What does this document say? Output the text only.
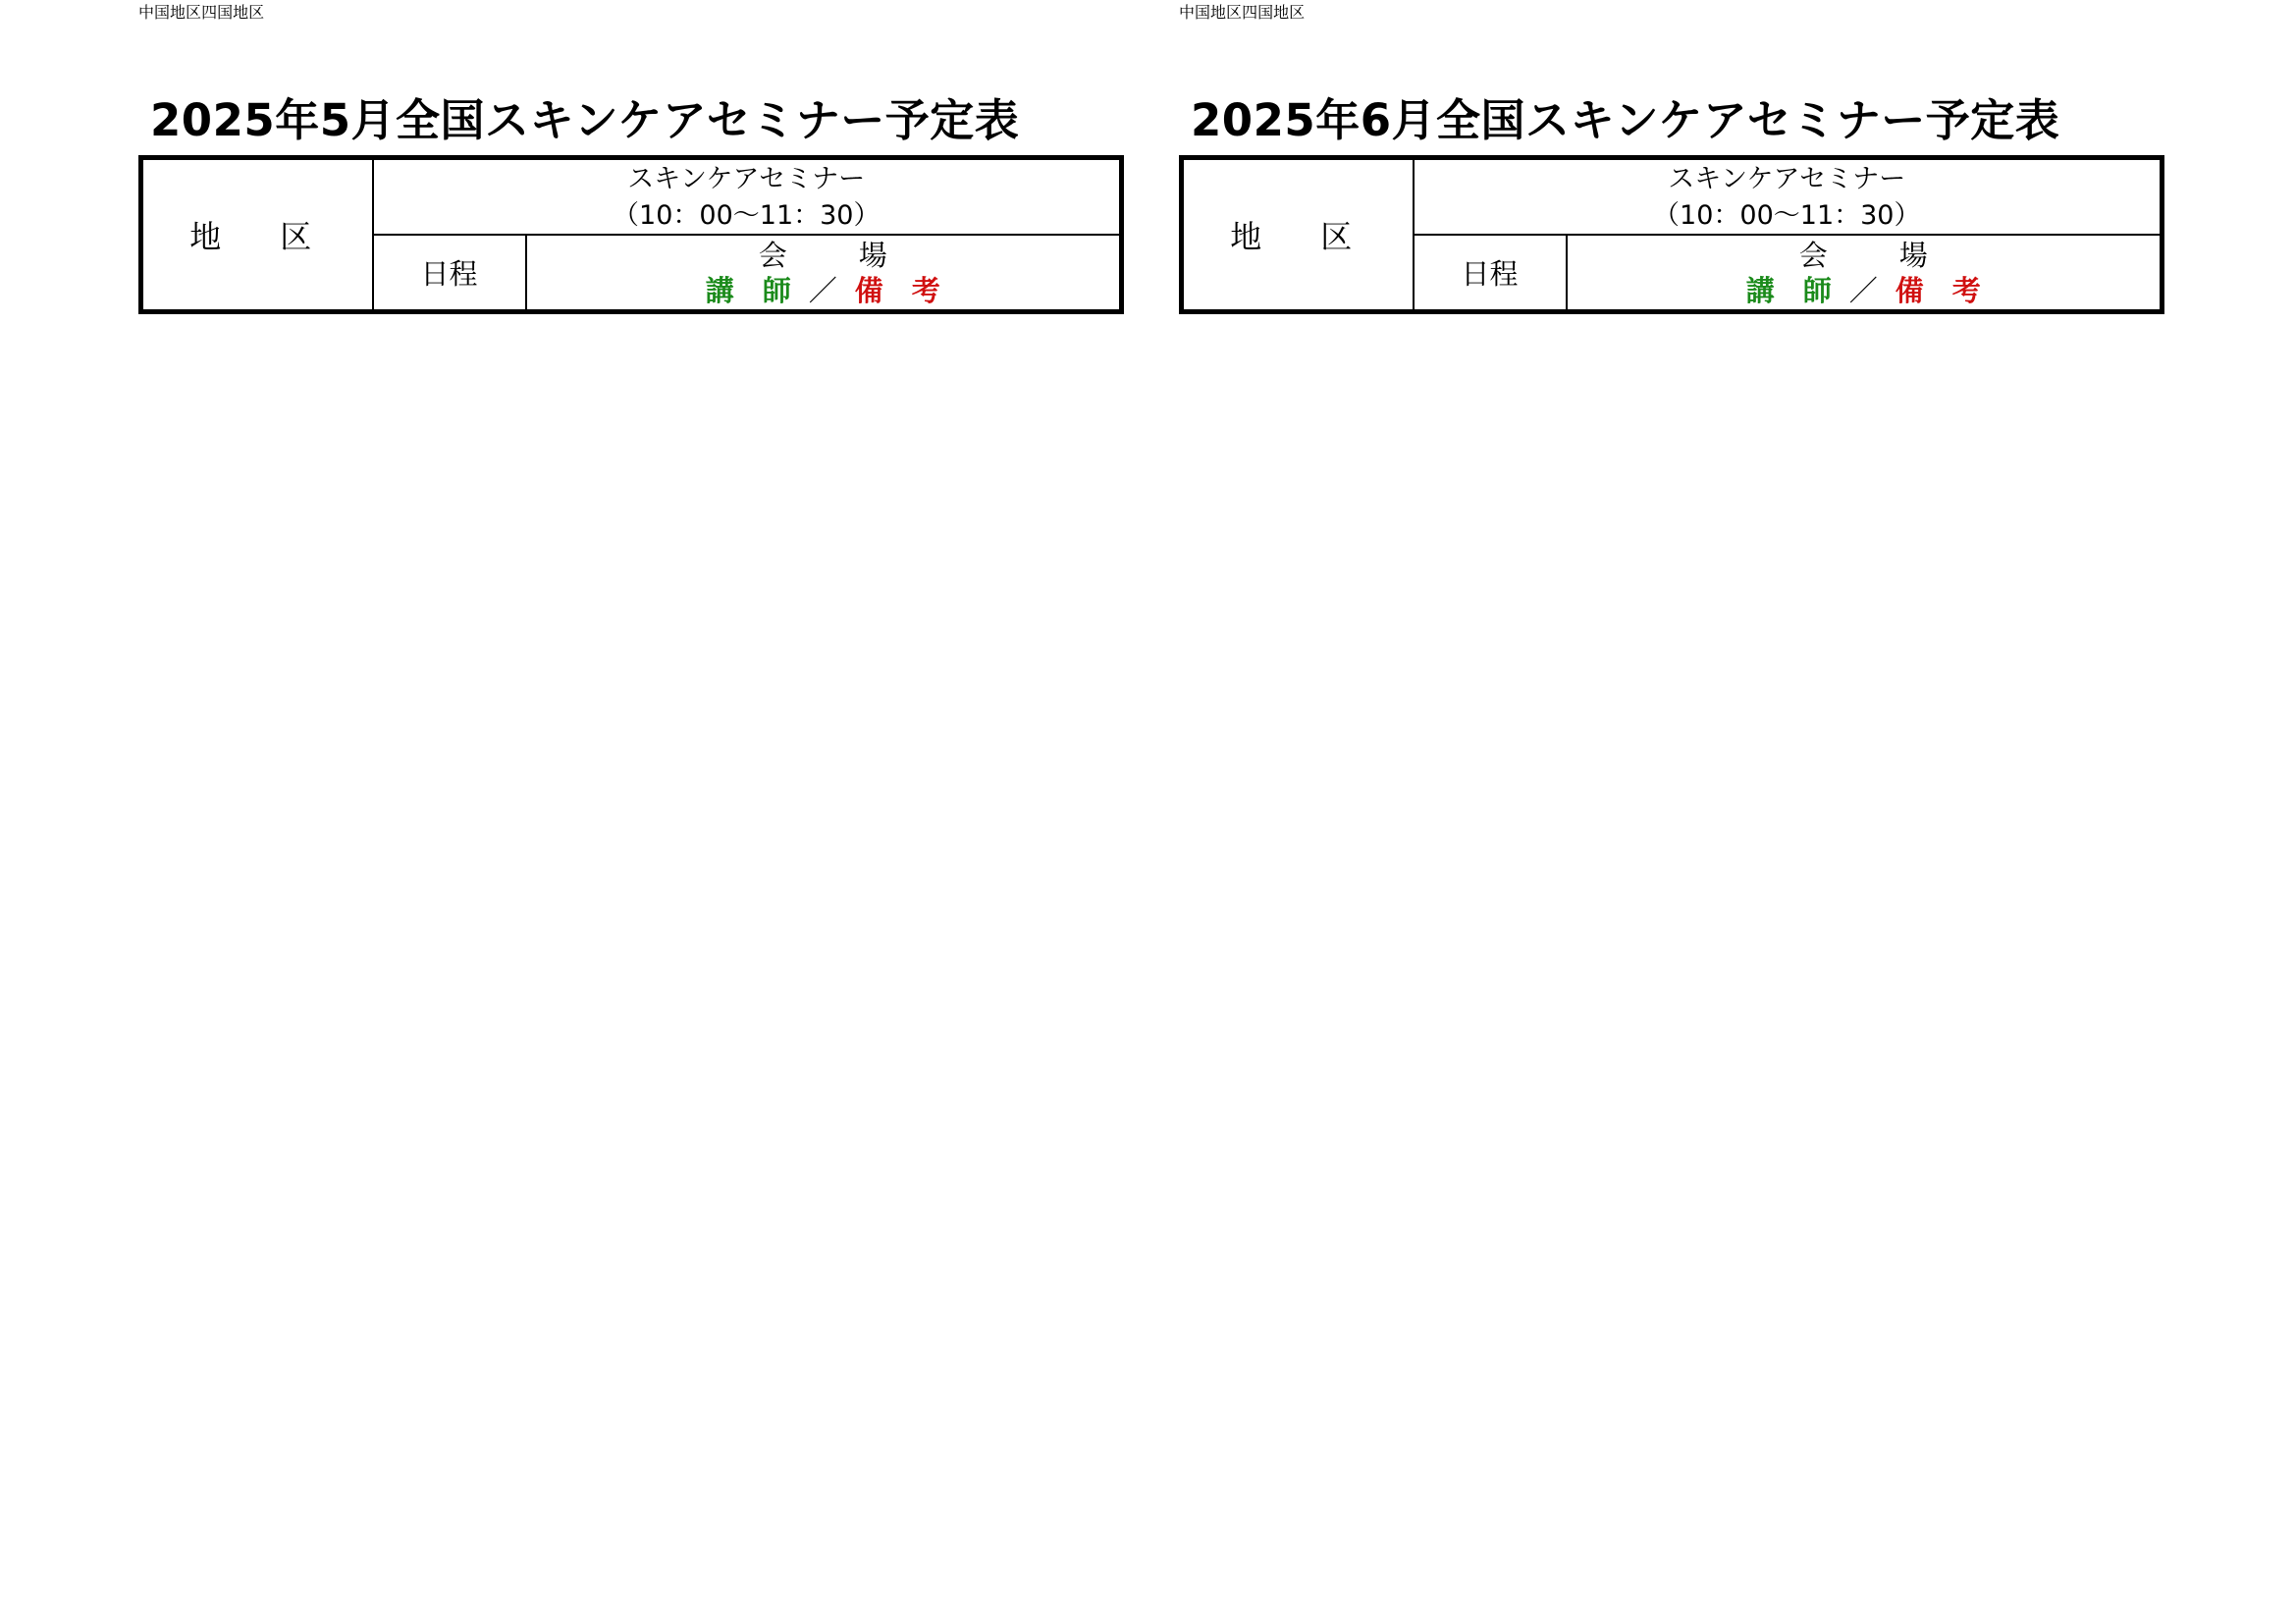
2025年5月全国スキンケアセミナー予定表
中国地区四国地区
地　区	スキンケアセミナー
（10：00～11：30）	

	日程	会　場
講　師 ／ 備　考
2025年6月全国スキンケアセミナー予定表
中国地区四国地区
地　区	スキンケアセミナー
（10：00～11：30）	

	日程	会　場
講　師 ／ 備　考
